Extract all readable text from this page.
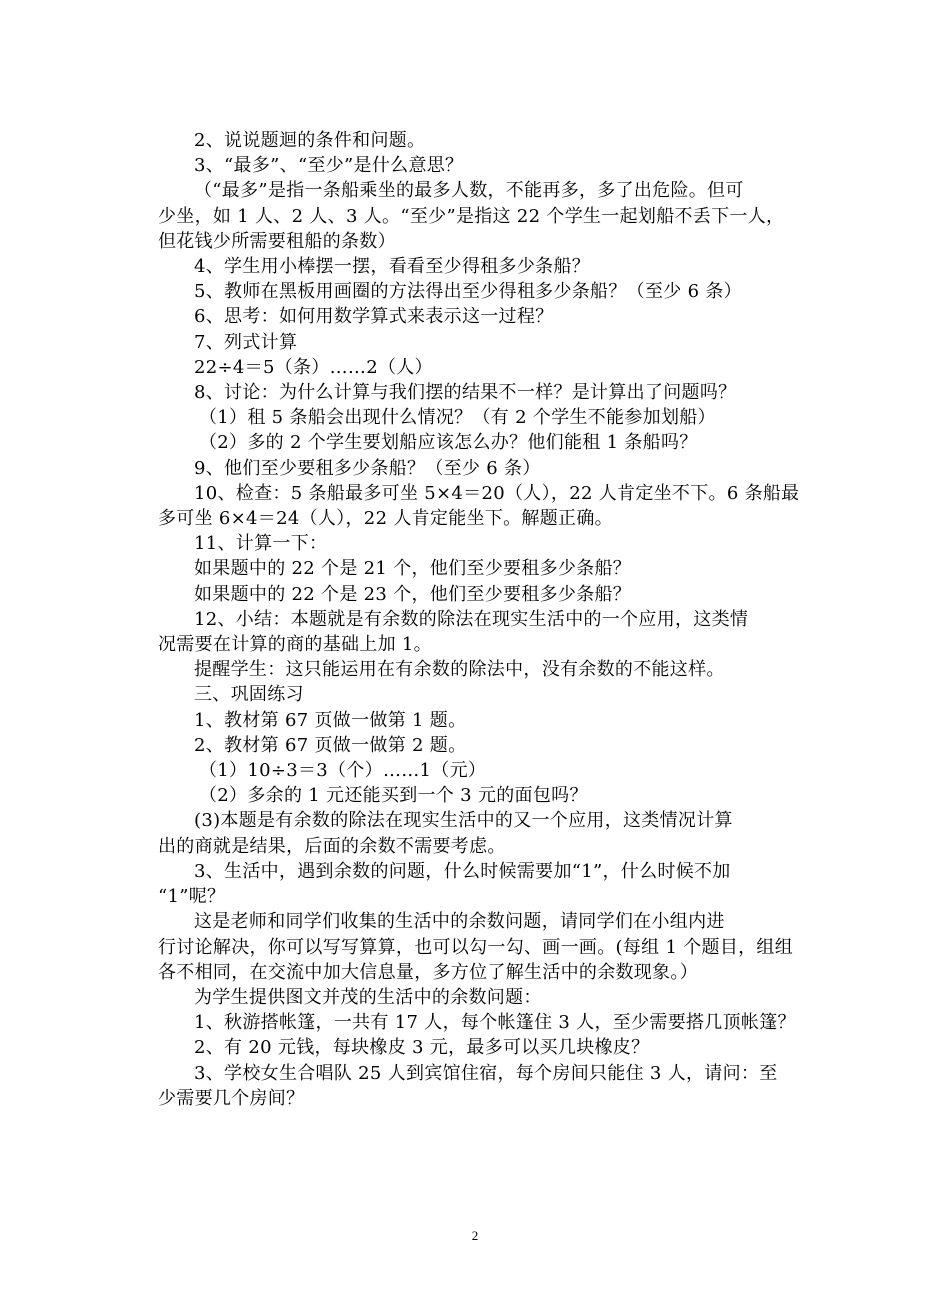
2、说说题迴的条件和问题。
3、“最多”、“至少”是什么意思？
（“最多”是指一条船乘坐的最多人数，不能再多，多了出危险。但可
少坐，如 1 人、2 人、3 人。“至少”是指这 22 个学生一起划船不丢下一人，
但花钱少所需要租船的条数）
4、学生用小棒摆一摆，看看至少得租多少条船？
5、教师在黑板用画圈的方法得出至少得租多少条船？（至少 6 条）
6、思考：如何用数学算式来表示这一过程？
7、列式计算
22÷4＝5（条）……2（人）
8、讨论：为什么计算与我们摆的结果不一样？是计算出了问题吗？
（1）租 5 条船会出现什么情况？（有 2 个学生不能参加划船）
（2）多的 2 个学生要划船应该怎么办？他们能租 1 条船吗？
9、他们至少要租多少条船？（至少 6 条）
10、检查：5 条船最多可坐 5×4＝20（人），22 人肯定坐不下。6 条船最
多可坐 6×4＝24（人），22 人肯定能坐下。解题正确。
11、计算一下：
如果题中的 22 个是 21 个，他们至少要租多少条船？
如果题中的 22 个是 23 个，他们至少要租多少条船？
12、小结：本题就是有余数的除法在现实生活中的一个应用，这类情
况需要在计算的商的基础上加 1。
提醒学生：这只能运用在有余数的除法中，没有余数的不能这样。
三、巩固练习
1、教材第 67 页做一做第 1 题。
2、教材第 67 页做一做第 2 题。
（1）10÷3＝3（个）……1（元）
（2）多余的 1 元还能买到一个 3 元的面包吗？
(3)本题是有余数的除法在现实生活中的又一个应用，这类情况计算
出的商就是结果，后面的余数不需要考虑。
3、生活中，遇到余数的问题，什么时候需要加“1”，什么时候不加
“1”呢？
这是老师和同学们收集的生活中的余数问题，请同学们在小组内进
行讨论解决，你可以写写算算，也可以勾一勾、画一画。(每组 1 个题目，组组
各不相同，在交流中加大信息量，多方位了解生活中的余数现象。）
为学生提供图文并茂的生活中的余数问题：
1、秋游搭帐篷，一共有 17 人，每个帐篷住 3 人，至少需要搭几顶帐篷？
2、有 20 元钱，每块橡皮 3 元，最多可以买几块橡皮？
3、学校女生合唱队 25 人到宾馆住宿，每个房间只能住 3 人，请问：至
少需要几个房间？
2
